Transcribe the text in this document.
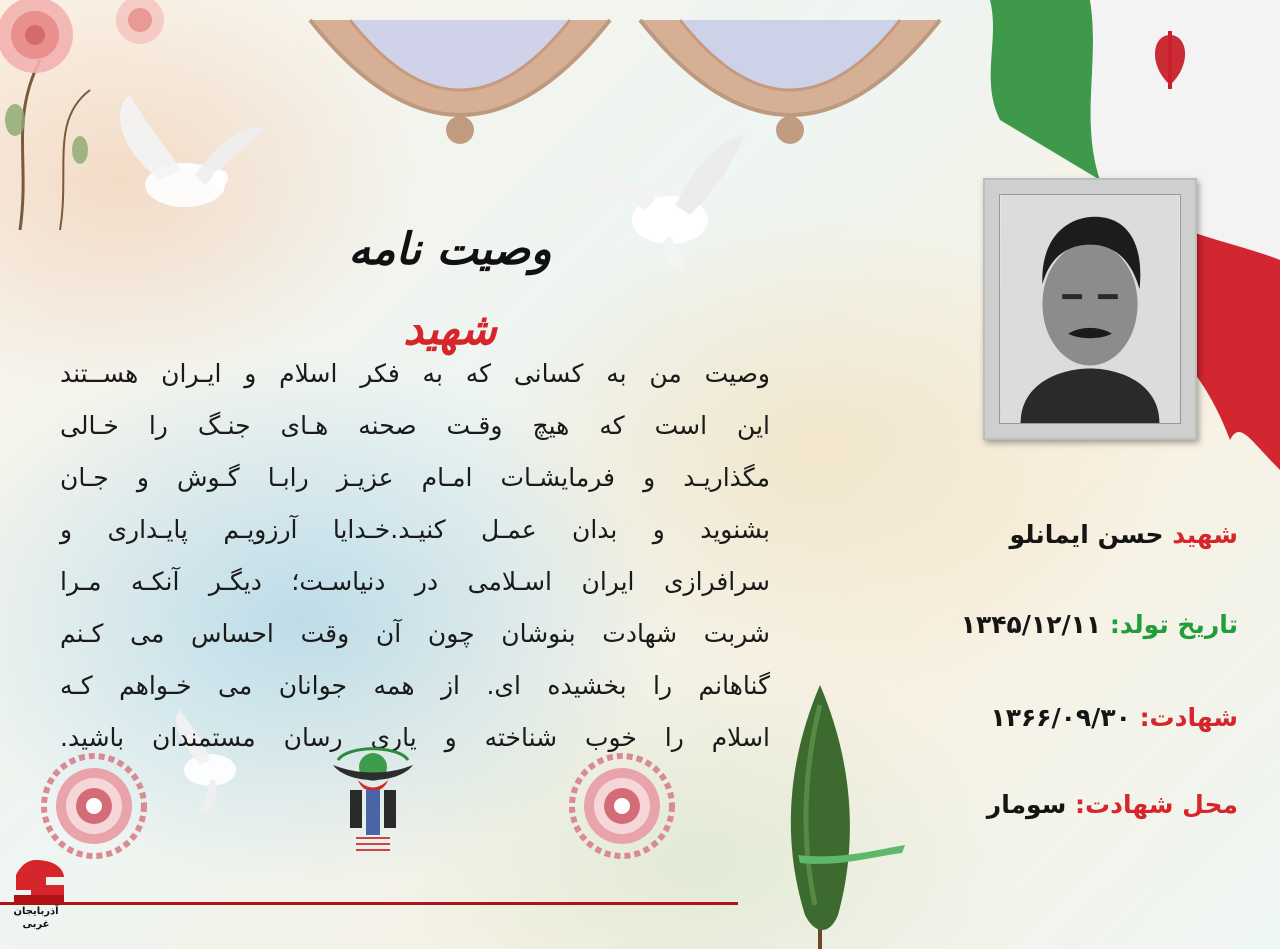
وصیت نامه شهید
وصیت من به کسانی که به فکر اسلام و ایـران هســتند
این است که هیچ وقـت صحنه هـای جنـگ را خـالی
مگذاریـد و فرمایشـات امـام عزیـز رابـا گـوش و جـان
بشنوید و بدان عمـل کنیـد.خـدایا آرزویـم پایـداری و
سرافرازی ایران اسـلامی در دنیاسـت؛ دیگـر آنکـه مـرا
شربت شهادت بنوشان چون آن وقت احساس می کـنم
گناهانم را بخشیده ای. از همه جوانان می خـواهم کـه
اسلام را خوب شناخته و یاری رسان مستمندان باشید.
شهید حسن ایمانلو
تاریخ تولد: ۱۳۴۵/۱۲/۱۱
شهادت: ۱۳۶۶/۰۹/۳۰
محل شهادت: سومار
آذربایجان
غربی
